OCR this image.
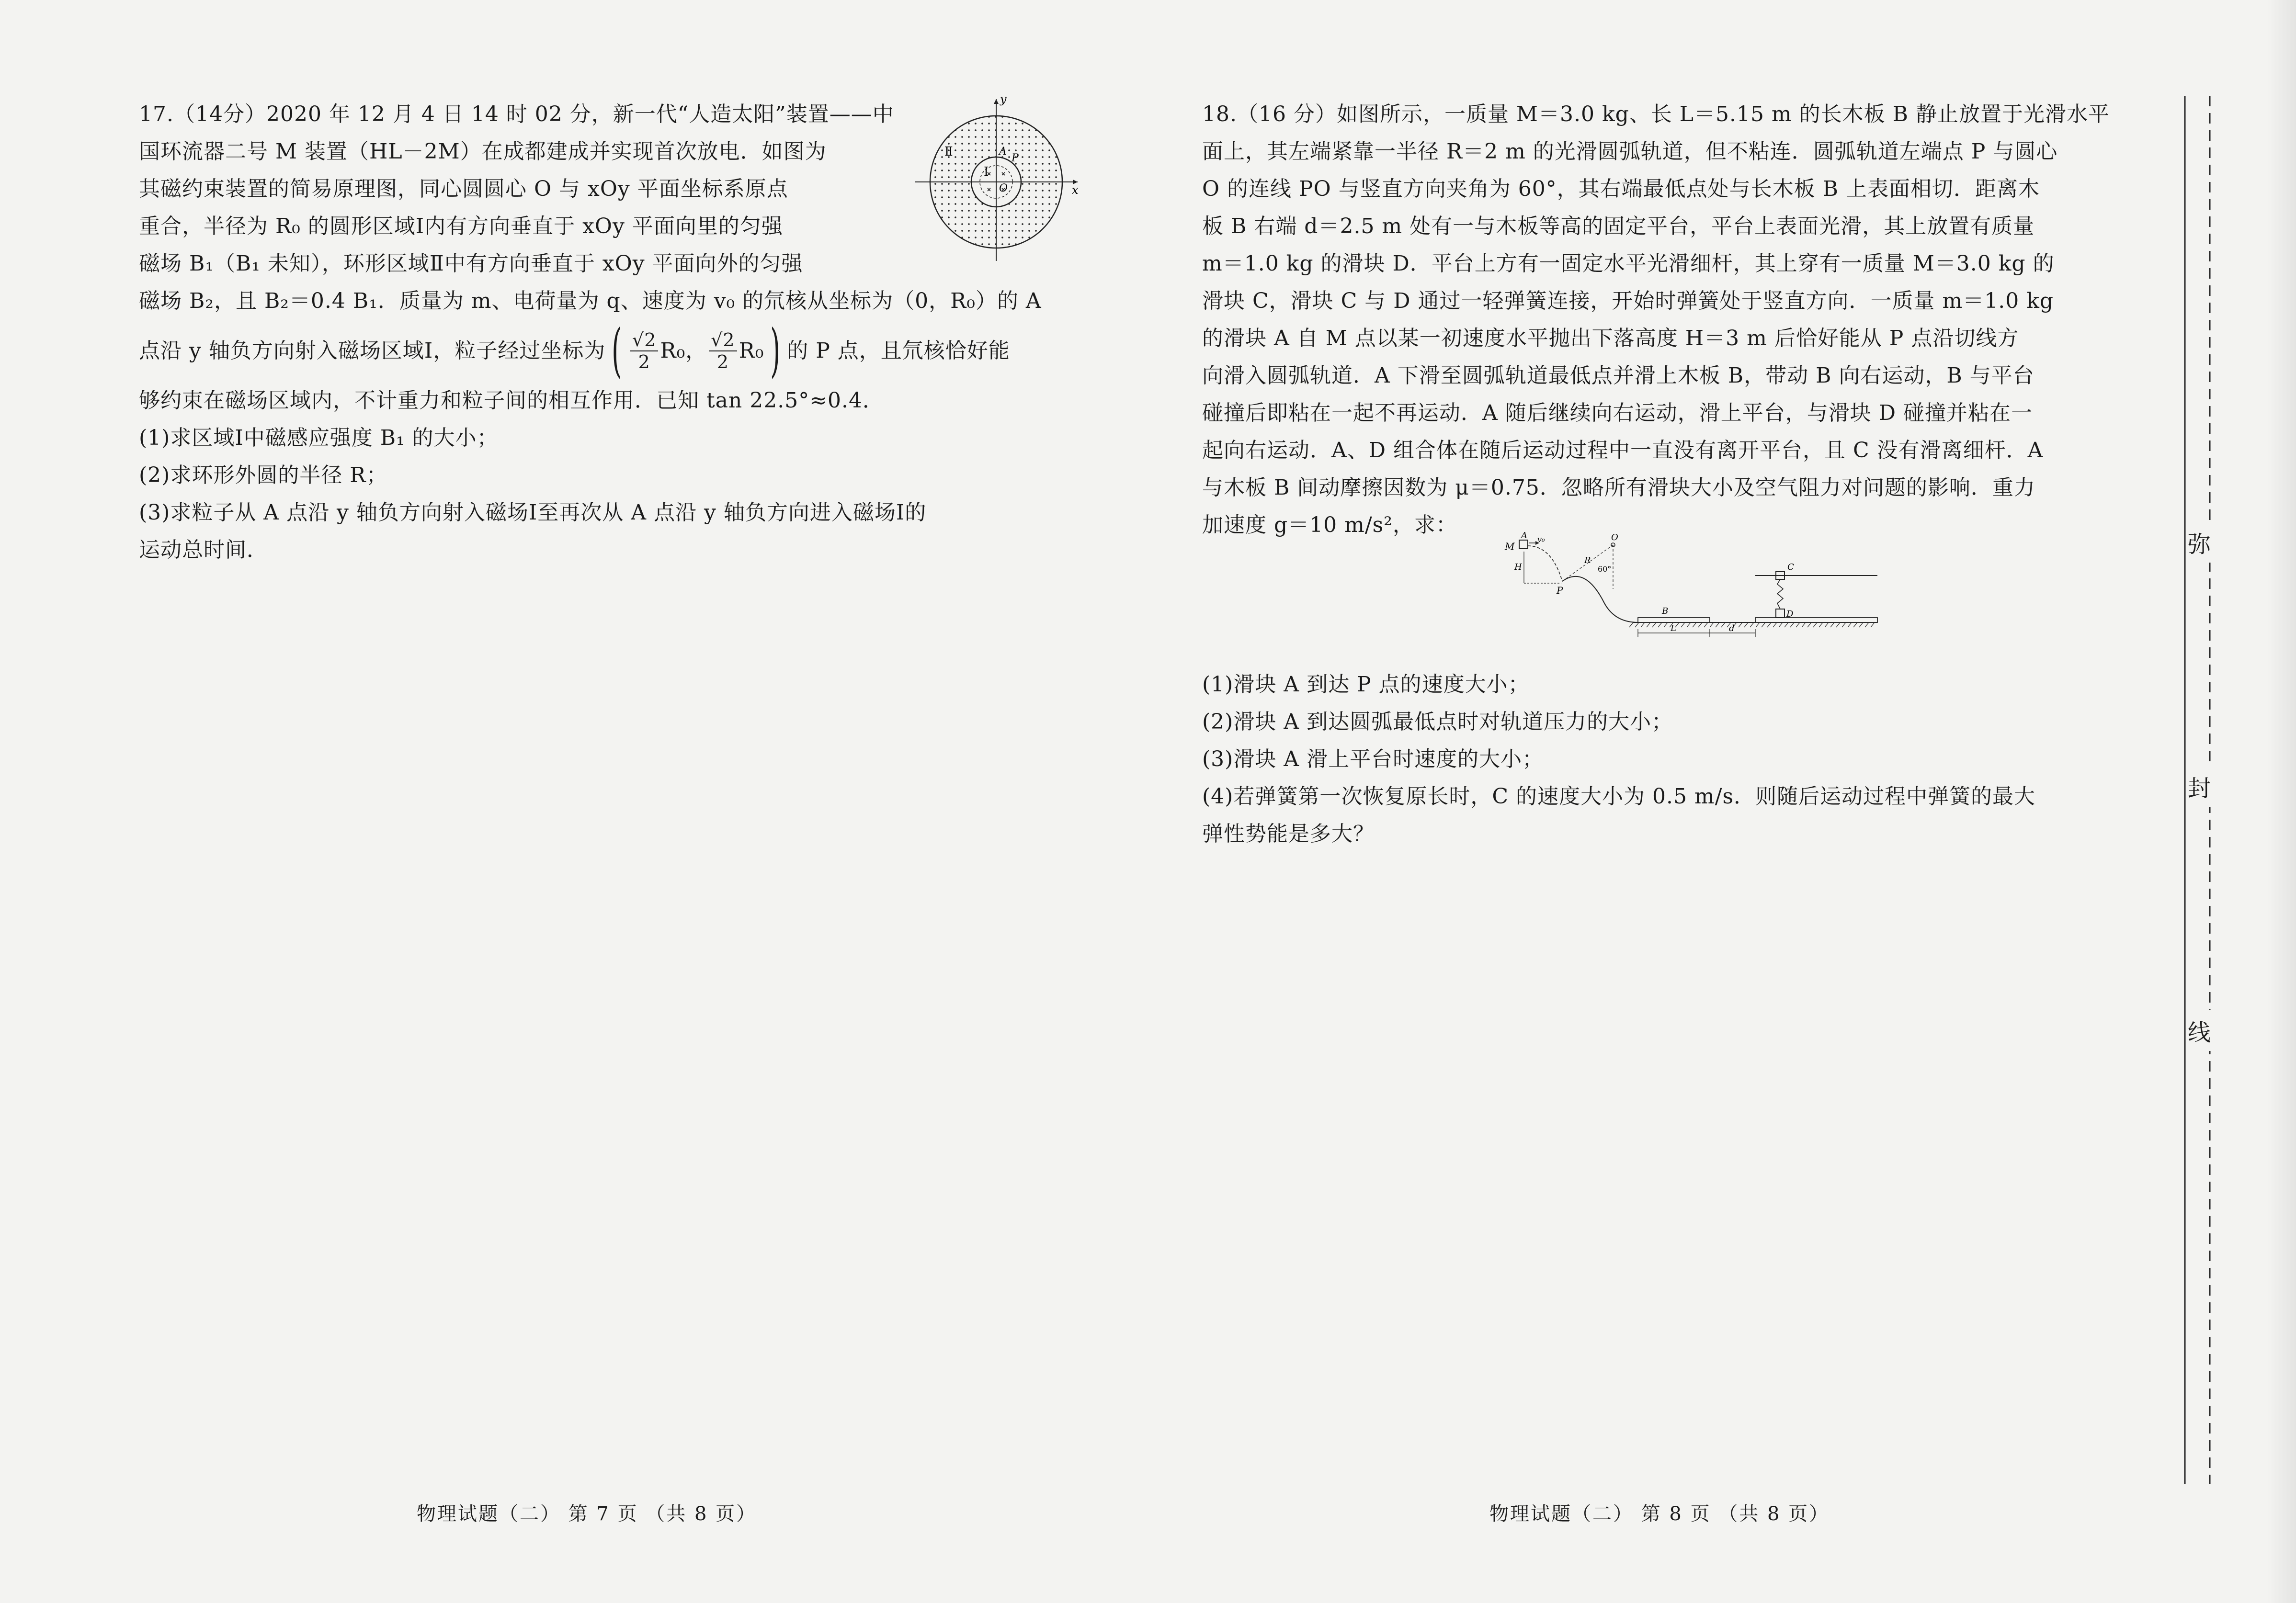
17.（14分）2020 年 12 月 4 日 14 时 02 分，新一代“人造太阳”装置——中
国环流器二号 M 装置（HL－2M）在成都建成并实现首次放电．如图为
其磁约束装置的简易原理图，同心圆圆心 O 与 xOy 平面坐标系原点
重合，半径为 R₀ 的圆形区域Ⅰ内有方向垂直于 xOy 平面向里的匀强
磁场 B₁（B₁ 未知），环形区域Ⅱ中有方向垂直于 xOy 平面向外的匀强
磁场 B₂，且 B₂＝0.4 B₁．质量为 m、电荷量为 q、速度为 v₀ 的氘核从坐标为（0，R₀）的 A
点沿 y 轴负方向射入磁场区域Ⅰ，粒子经过坐标为 ( $\frac{√2}{2} R_0$ ， $\frac{√2}{2} R_0$ ) 的 P 点，且氘核恰好能
够约束在磁场区域内，不计重力和粒子间的相互作用．已知 tan 22.5°≈0.4．
(1)求区域Ⅰ中磁感应强度 B₁ 的大小；
(2)求环形外圆的半径 R；
(3)求粒子从 A 点沿 y 轴负方向射入磁场Ⅰ至再次从 A 点沿 y 轴负方向进入磁场Ⅰ的
运动总时间．
y
x
O
Ⅰ
Ⅱ	A
P
18.（16 分）如图所示，一质量 M＝3.0 kg、长 L＝5.15 m 的长木板 B 静止放置于光滑水平
面上，其左端紧靠一半径 R＝2 m 的光滑圆弧轨道，但不粘连．圆弧轨道左端点 P 与圆心
O 的连线 PO 与竖直方向夹角为 60°，其右端最低点处与长木板 B 上表面相切．距离木
板 B 右端 d＝2.5 m 处有一与木板等高的固定平台，平台上表面光滑，其上放置有质量
m＝1.0 kg 的滑块 D．平台上方有一固定水平光滑细杆，其上穿有一质量 M＝3.0 kg 的
滑块 C，滑块 C 与 D 通过一轻弹簧连接，开始时弹簧处于竖直方向．一质量 m＝1.0 kg
的滑块 A 自 M 点以某一初速度水平抛出下落高度 H＝3 m 后恰好能从 P 点沿切线方
向滑入圆弧轨道．A 下滑至圆弧轨道最低点并滑上木板 B，带动 B 向右运动，B 与平台
碰撞后即粘在一起不再运动．A 随后继续向右运动，滑上平台，与滑块 D 碰撞并粘在一
起向右运动．A、D 组合体在随后运动过程中一直没有离开平台，且 C 没有滑离细杆．A
与木板 B 间动摩擦因数为 μ＝0.75．忽略所有滑块大小及空气阻力对问题的影响．重力
加速度 g＝10 m/s²，求：
(1)滑块 A 到达 P 点的速度大小；
(2)滑块 A 到达圆弧最低点时对轨道压力的大小；
(3)滑块 A 滑上平台时速度的大小；
(4)若弹簧第一次恢复原长时，C 的速度大小为 0.5 m/s．则随后运动过程中弹簧的最大
弹性势能是多大？
M
A v₀
H
P
O
R
60°
B
L	d
C
D
物理试题（二） 第 7 页 （共 8 页）	物理试题（二） 第 8 页 （共 8 页）
弥
封
线
